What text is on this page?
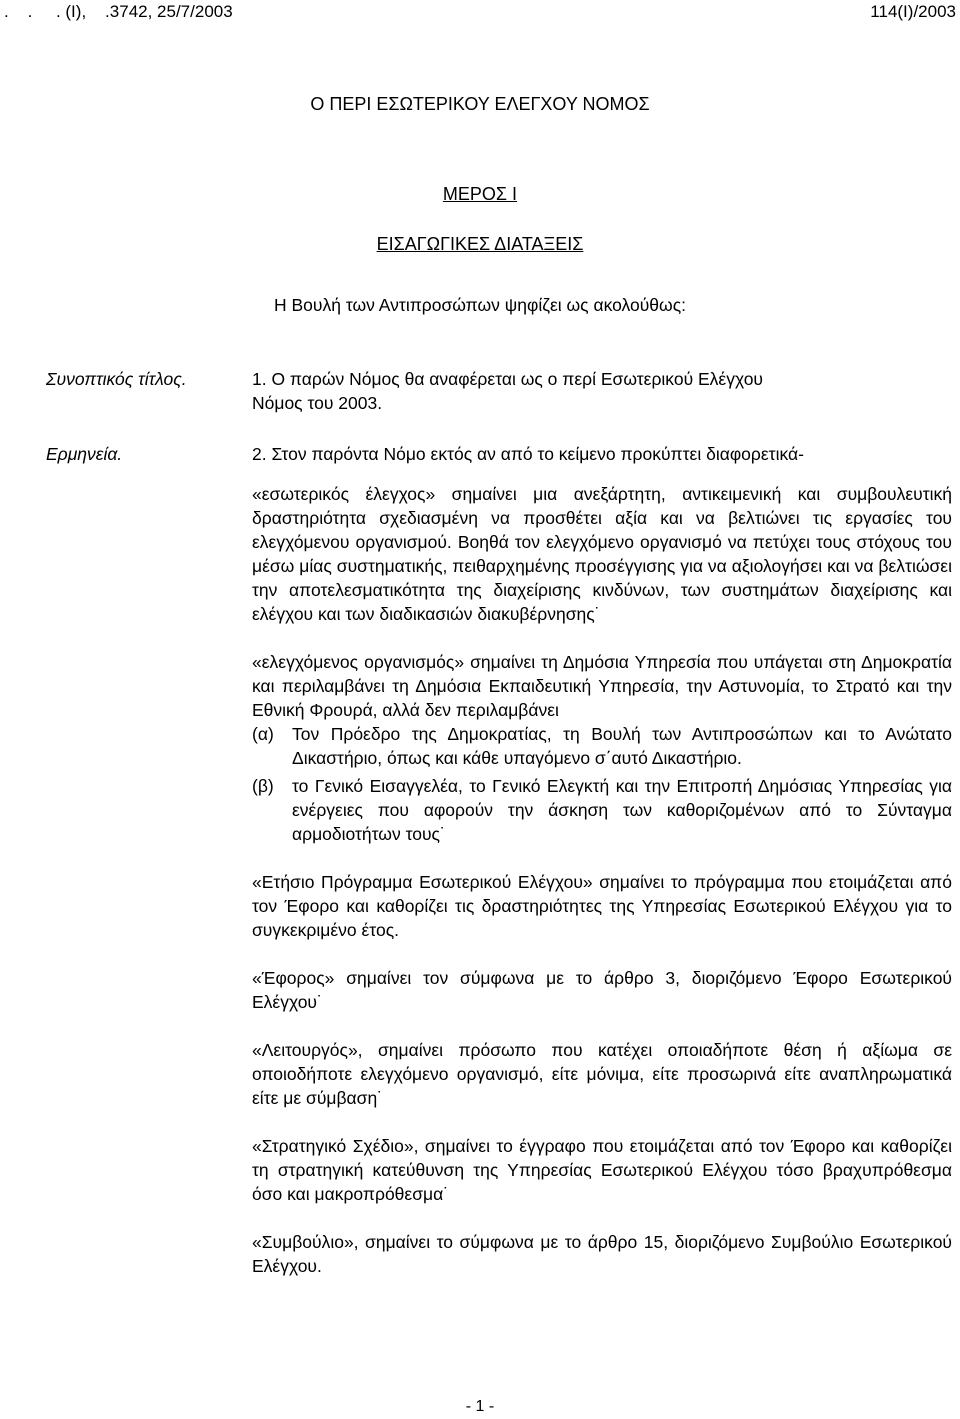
.    .     . (Ι),    .3742, 25/7/2003	114(Ι)/2003
Ο ΠΕΡΙ ΕΣΩΤΕΡΙΚΟΥ ΕΛΕΓΧΟΥ ΝΟΜΟΣ
ΜΕΡΟΣ Ι
ΕΙΣΑΓΩΓΙΚΕΣ ΔΙΑΤΑΞΕΙΣ
Η Βουλή των Αντιπροσώπων ψηφίζει ως ακολούθως:
Συνοπτικός τίτλος.
Ερμηνεία.
1. Ο παρών Νόμος θα αναφέρεται ως ο περί Εσωτερικού Ελέγχου
Νόμος του 2003.
2. Στον παρόντα Νόμο εκτός αν από το κείμενο προκύπτει διαφορετικά-
«εσωτερικός έλεγχος» σημαίνει μια ανεξάρτητη, αντικειμενική και συμβουλευτική δραστηριότητα σχεδιασμένη να προσθέτει αξία και να βελτιώνει τις εργασίες του ελεγχόμενου οργανισμού. Βοηθά τον ελεγχόμενο οργανισμό να πετύχει τους στόχους του μέσω μίας συστηματικής, πειθαρχημένης προσέγγισης για να αξιολογήσει και να βελτιώσει την αποτελεσματικότητα της διαχείρισης κινδύνων, των συστημάτων διαχείρισης και ελέγχου και των διαδικασιών διακυβέρνησης˙
«ελεγχόμενος οργανισμός» σημαίνει τη Δημόσια Υπηρεσία που υπάγεται στη Δημοκρατία και περιλαμβάνει τη Δημόσια Εκπαιδευτική Υπηρεσία, την Αστυνομία, το Στρατό και την Εθνική Φρουρά, αλλά δεν περιλαμβάνει
(α)	Τον Πρόεδρο της Δημοκρατίας, τη Βουλή των Αντιπροσώπων και το Ανώτατο Δικαστήριο, όπως και κάθε υπαγόμενο σ΄αυτό Δικαστήριο.
(β)	το Γενικό Εισαγγελέα, το Γενικό Ελεγκτή και την Επιτροπή Δημόσιας Υπηρεσίας για ενέργειες που αφορούν την άσκηση των καθοριζομένων από το Σύνταγμα αρμοδιοτήτων τους˙
«Ετήσιο Πρόγραμμα Εσωτερικού Ελέγχου» σημαίνει το πρόγραμμα που ετοιμάζεται από τον Έφορο και καθορίζει τις δραστηριότητες της Υπηρεσίας Εσωτερικού Ελέγχου για το συγκεκριμένο έτος.
«Έφορος» σημαίνει τον σύμφωνα με το άρθρο 3, διοριζόμενο Έφορο Εσωτερικού Ελέγχου˙
«Λειτουργός», σημαίνει πρόσωπο που κατέχει οποιαδήποτε θέση ή αξίωμα σε οποιοδήποτε ελεγχόμενο οργανισμό, είτε μόνιμα, είτε προσωρινά είτε αναπληρωματικά είτε με σύμβαση˙
«Στρατηγικό Σχέδιο», σημαίνει το έγγραφο που ετοιμάζεται από τον Έφορο και καθορίζει τη στρατηγική κατεύθυνση της Υπηρεσίας Εσωτερικού Ελέγχου τόσο βραχυπρόθεσμα όσο και μακροπρόθεσμα˙
«Συμβούλιο», σημαίνει το σύμφωνα με το άρθρο 15, διοριζόμενο Συμβούλιο Εσωτερικού Ελέγχου.
- 1 -
